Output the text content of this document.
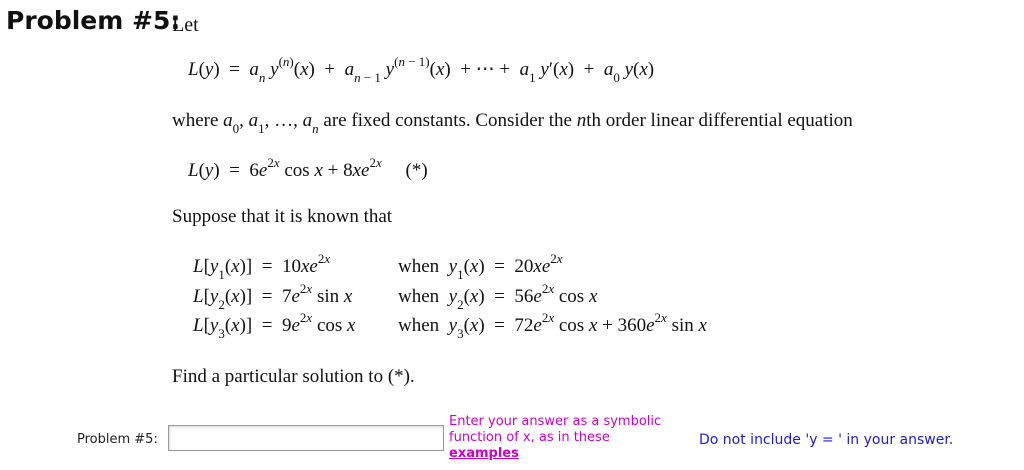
Problem #5:
Let
$L(y) = a_n$ $y^{(n)}(x) + a_{n - 1}$ $y^{(n - 1)}(x)$  + ⋯ +  $a_1$ $y'(x) + a_0$ y(x)
where $a_0$, $a_1$, …, $a_n$ are fixed constants. Consider the nth order linear differential equation
$L(y) = 6e^{2x}$ $\cos x + 8xe^{2x}$     (*)
Suppose that it is known that
$L[y_1(x)] = 10xe^{2x}$	when  $y_1(x) = 20xe^{2x}$
$L[y_2(x)] = 7e^{2x}$ sin x when  $y_2(x) = 56e^{2x}$ cos x
$L[y_3(x)] = 9e^{2x}$ cos x when  $y_3(x) = 72e^{2x}$ $\cos x + 360e^{2x}$ sin x
Find a particular solution to (*).
Problem #5:
Enter your answer as a symbolic
function of x, as in these
examples
Do not include 'y = ' in your answer.
